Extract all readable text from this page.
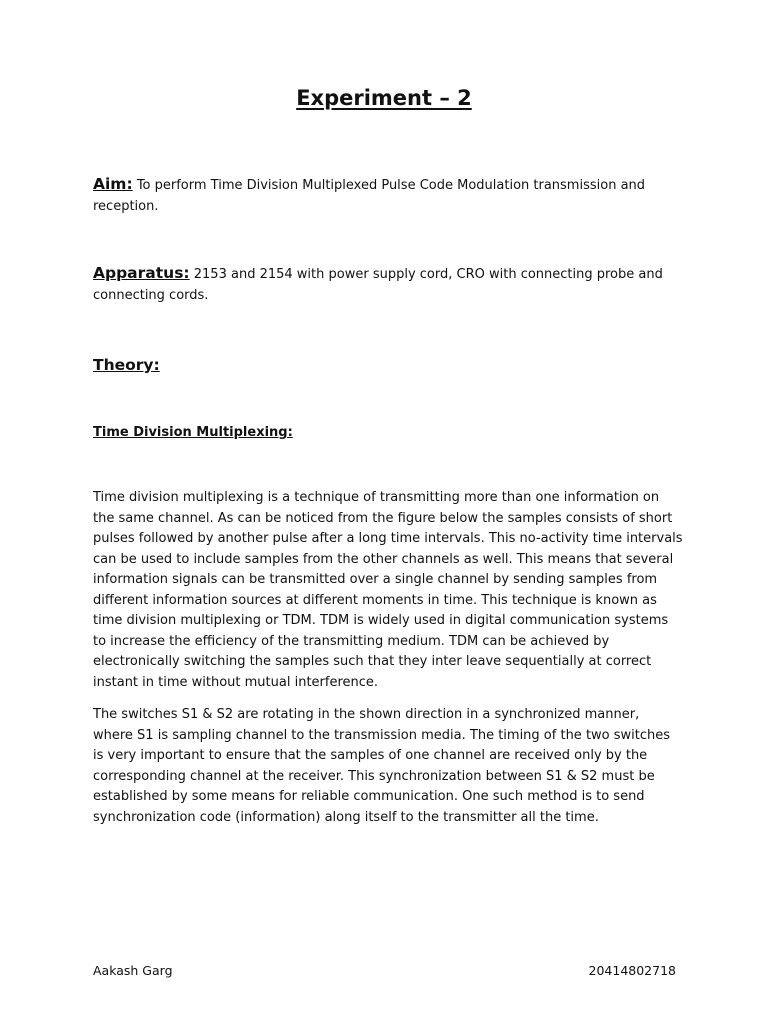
Experiment – 2
Aim: To perform Time Division Multiplexed Pulse Code Modulation transmission and reception.
Apparatus: 2153 and 2154 with power supply cord, CRO with connecting probe and connecting cords.
Theory:
Time Division Multiplexing:

Time division multiplexing is a technique of transmitting more than one information on the same channel. As can be noticed from the figure below the samples consists of short pulses followed by another pulse after a long time intervals. This no-activity time intervals can be used to include samples from the other channels as well. This means that several information signals can be transmitted over a single channel by sending samples from different information sources at different moments in time. This technique is known as time division multiplexing or TDM. TDM is widely used in digital communication systems to increase the efficiency of the transmitting medium. TDM can be achieved by electronically switching the samples such that they inter leave sequentially at correct instant in time without mutual interference.

The switches S1 & S2 are rotating in the shown direction in a synchronized manner, where S1 is sampling channel to the transmission media. The timing of the two switches is very important to ensure that the samples of one channel are received only by the corresponding channel at the receiver. This synchronization between S1 & S2 must be established by some means for reliable communication. One such method is to send synchronization code (information) along itself to the transmitter all the time.

Aakash Garg	20414802718
